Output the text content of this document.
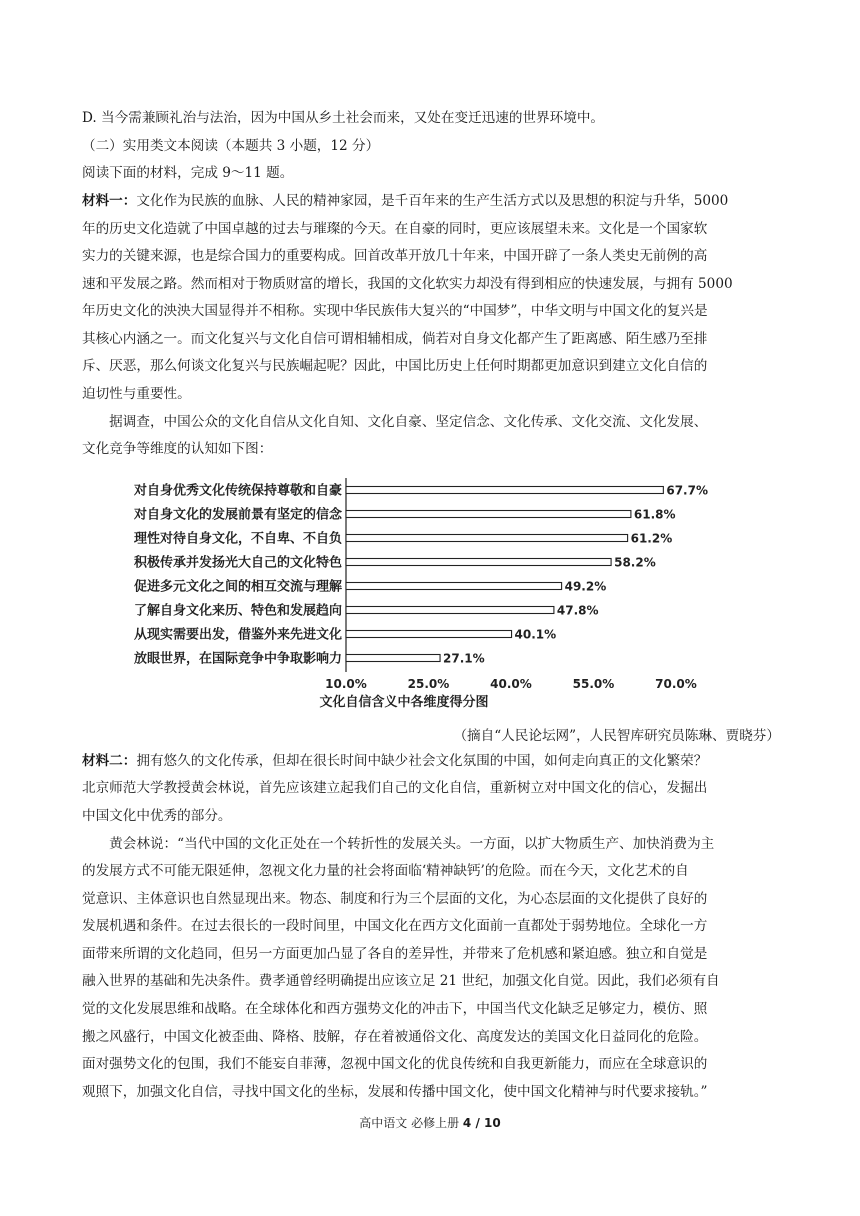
D. 当今需兼顾礼治与法治，因为中国从乡土社会而来，又处在变迁迅速的世界环境中。
（二）实用类文本阅读（本题共 3 小题，12 分）
阅读下面的材料，完成 9～11 题。
材料一：文化作为民族的血脉、人民的精神家园，是千百年来的生产生活方式以及思想的积淀与升华，5000
年的历史文化造就了中国卓越的过去与璀璨的今天。在自豪的同时，更应该展望未来。文化是一个国家软
实力的关键来源，也是综合国力的重要构成。回首改革开放几十年来，中国开辟了一条人类史无前例的高
速和平发展之路。然而相对于物质财富的增长，我国的文化软实力却没有得到相应的快速发展，与拥有 5000
年历史文化的泱泱大国显得并不相称。实现中华民族伟大复兴的“中国梦”，中华文明与中国文化的复兴是
其核心内涵之一。而文化复兴与文化自信可谓相辅相成，倘若对自身文化都产生了距离感、陌生感乃至排
斥、厌恶，那么何谈文化复兴与民族崛起呢？因此，中国比历史上任何时期都更加意识到建立文化自信的
迫切性与重要性。
　　据调查，中国公众的文化自信从文化自知、文化自豪、坚定信念、文化传承、文化交流、文化发展、
文化竞争等维度的认知如下图：
对自身优秀文化传统保持尊敬和自豪	67.7%
对自身文化的发展前景有坚定的信念	61.8%
理性对待自身文化，不自卑、不自负	61.2%
积极传承并发扬光大自己的文化特色	58.2%
促进多元文化之间的相互交流与理解	49.2%
了解自身文化来历、特色和发展趋向	47.8%
从现实需要出发，借鉴外来先进文化	40.1%
放眼世界，在国际竞争中争取影响力	27.1%
10.0%	25.0%	40.0%	55.0%	70.0%
文化自信含义中各维度得分图
（摘自“人民论坛网”，人民智库研究员陈琳、贾晓芬）
材料二：拥有悠久的文化传承，但却在很长时间中缺少社会文化氛围的中国，如何走向真正的文化繁荣？
北京师范大学教授黄会林说，首先应该建立起我们自己的文化自信，重新树立对中国文化的信心，发掘出
中国文化中优秀的部分。
　　黄会林说：“当代中国的文化正处在一个转折性的发展关头。一方面，以扩大物质生产、加快消费为主
的发展方式不可能无限延伸，忽视文化力量的社会将面临‘精神缺钙’的危险。而在今天，文化艺术的自
觉意识、主体意识也自然显现出来。物态、制度和行为三个层面的文化，为心态层面的文化提供了良好的
发展机遇和条件。在过去很长的一段时间里，中国文化在西方文化面前一直都处于弱势地位。全球化一方
面带来所谓的文化趋同，但另一方面更加凸显了各自的差异性，并带来了危机感和紧迫感。独立和自觉是
融入世界的基础和先决条件。费孝通曾经明确提出应该立足 21 世纪，加强文化自觉。因此，我们必须有自
觉的文化发展思维和战略。在全球体化和西方强势文化的冲击下，中国当代文化缺乏足够定力，模仿、照
搬之风盛行，中国文化被歪曲、降格、肢解，存在着被通俗文化、高度发达的美国文化日益同化的危险。
面对强势文化的包围，我们不能妄自菲薄，忽视中国文化的优良传统和自我更新能力，而应在全球意识的
观照下，加强文化自信，寻找中国文化的坐标，发展和传播中国文化，使中国文化精神与时代要求接轨。”
高中语文 必修上册 4 / 10
